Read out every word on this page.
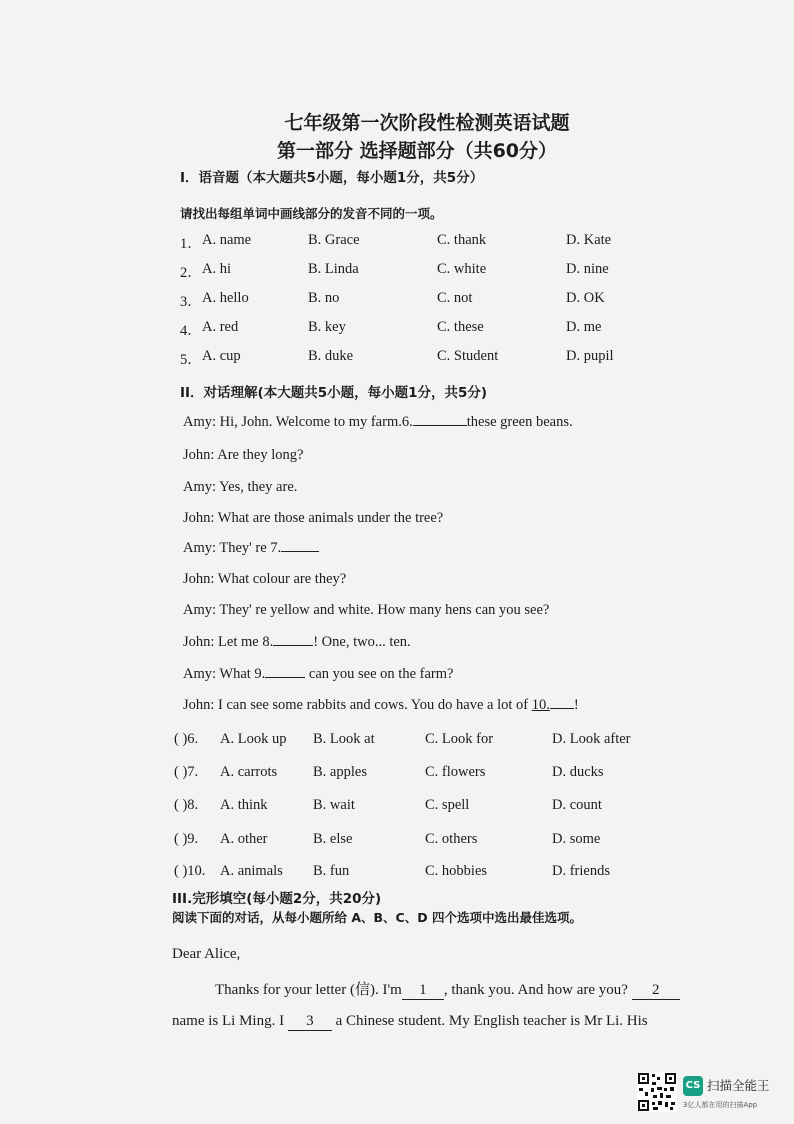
七年级第一次阶段性检测英语试题
第一部分 选择题部分（共60分）
I．语音题（本大题共5小题，每小题1分，共5分）
请找出每组单词中画线部分的发音不同的一项。
1． A. name	B. Grace	C. thank	D. Kate
2． A. hi	B. Linda	C. white	D. nine
3． A. hello	B. no	C. not	D. OK
4． A. red	B. key	C. these	D. me
5． A. cup	B. duke	C. Student	D. pupil
II．对话理解(本大题共5小题，每小题1分，共5分)
Amy: Hi, John. Welcome to my farm.6.	these green beans.
John: Are they long?
Amy: Yes, they are.
John: What are those animals under the tree?
Amy: They' re 7.
John: What colour are they?
Amy: They' re yellow and white. How many hens can you see?
John: Let me 8.	! One, two... ten.
Amy: What 9.	can you see on the farm?
John: I can see some rabbits and cows. You do have a lot of 10. !
( )6. A. Look up B. Look at	C. Look for	D. Look after
( )7. A. carrots B. apples	C. flowers	D. ducks
( )8. A. think	B. wait	C. spell	D. count
( )9. A. other	B. else	C. others	D. some
( )10. A. animals B. fun	C. hobbies	D. friends
III.完形填空(每小题2分，共20分)
阅读下面的对话，从每小题所给 A、B、C、D 四个选项中选出最佳选项。
Dear Alice,
Thanks for your letter (信). I'm 1 , thank you. And how are you? 2
name is Li Ming. I 3 a Chinese student. My English teacher is Mr Li. His
CS 扫描全能王
3亿人都在用的扫描App
